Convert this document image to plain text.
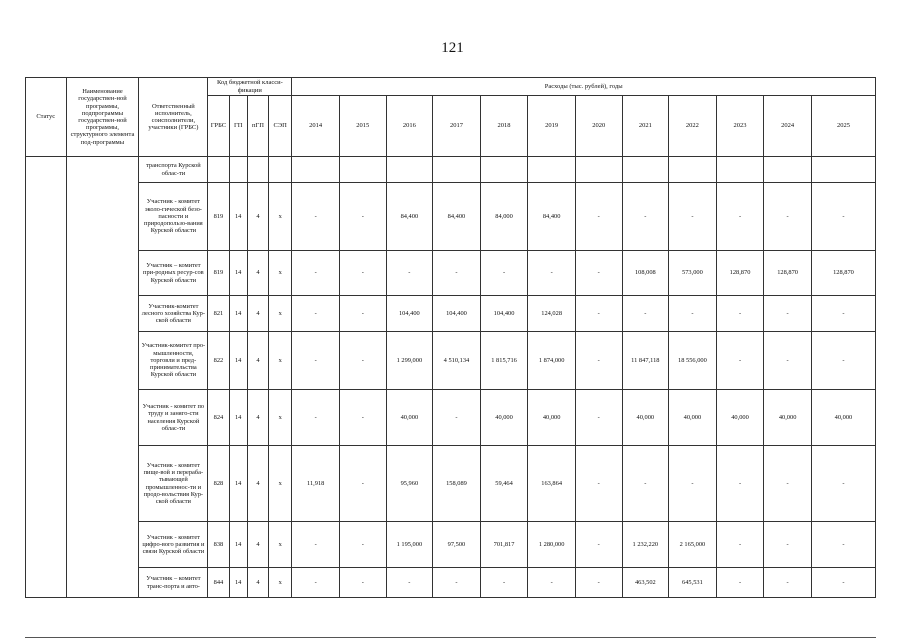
121
Статус	Наименование государствен-ной программы, подпрограммы государствен-ной программы, структурного элемента под-программы	Ответственный исполнитель, соисполнители, участники (ГРБС)	Код бюджетной класси-фикации				Расходы (тыс. рублей), годы											
			ГРБС	ГП	пГП	СЭП	2014	2015	2016	2017	2018	2019	2020	2021	2022	2023	2024	2025
		транспорта Курской облас-ти																
		Участник - комитет эколо-гической безо-пасности и природопользо-вания Курской области	819	14	4	х	-	-	84,400	84,400	84,000	84,400	-	-	-	-	-	-
		Участник – комитет при-родных ресур-сов Курской области	819	14	4	х	-	-	-	-	-	-	-	108,008	573,000	128,870	128,870	128,870
		Участник-комитет лесного хозяйства Кур-ской области	821	14	4	х	-	-	104,400	104,400	104,400	124,028	-	-	-	-	-	-
		Участник-комитет про-мышленности, торговли и пред-принимательства Курской области	822	14	4	х	-	-	1 299,000	4 510,134	1 815,716	1 874,000	-	11 847,118	18 556,000	-	-	-
		Участник - комитет по труду и заняго-сти населения Курской облас-ти	824	14	4	х	-	-	40,000	-	40,000	40,000	-	40,000	40,000	40,000	40,000	40,000
		Участник - комитет пище-вой и перераба-тывающей промышленнос-ти и продо-вольствия Кур-ской области	828	14	4	х	11,918	-	95,960	158,089	59,464	163,864	-	-	-	-	-	-
		Участник - комитет цифро-вого развития и связи Курской области	838	14	4	х	-	-	1 195,000	97,500	701,817	1 280,000	-	1 232,220	2 165,000	-	-	-
		Участник – комитет транс-порта и авто-	844	14	4	х	-	-	-	-	-	-	-	463,502	645,531	-	-	-
